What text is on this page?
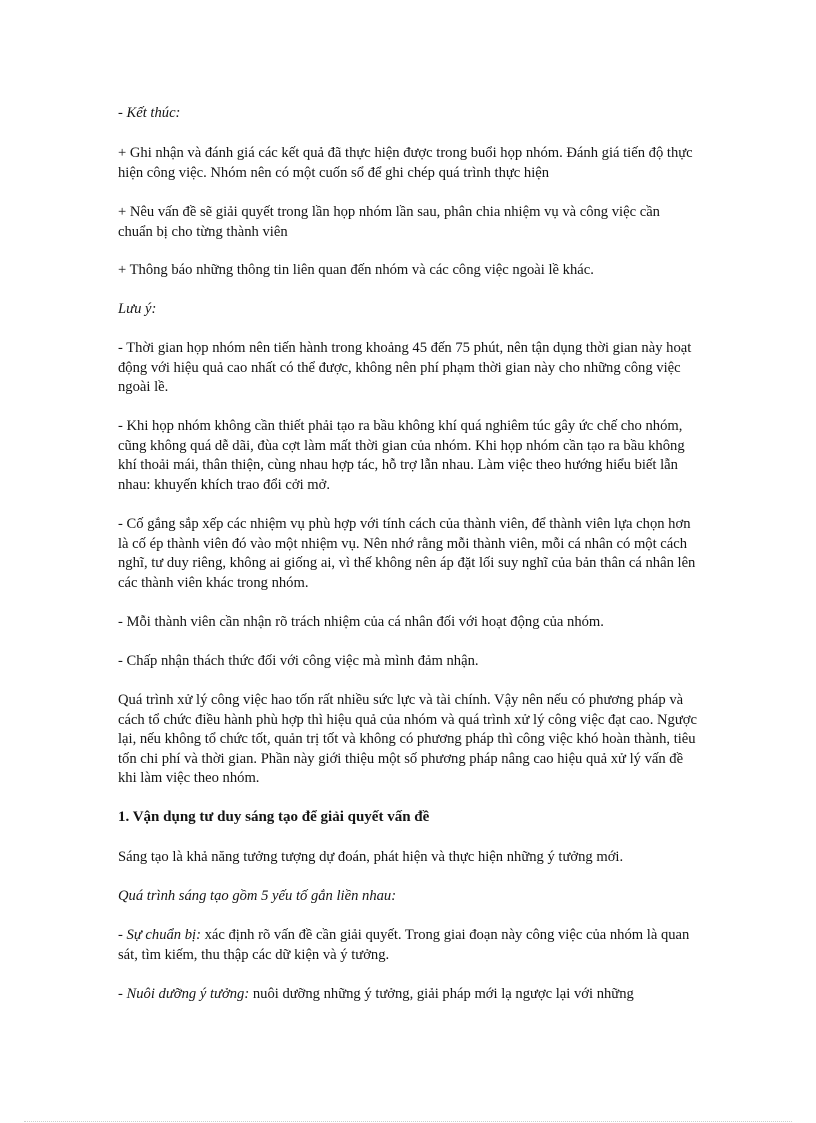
- Kết thúc:

+ Ghi nhận và đánh giá các kết quả đã thực hiện được trong buổi họp nhóm. Đánh giá tiến độ thực hiện công việc. Nhóm nên có một cuốn sổ để ghi chép quá trình thực hiện

+ Nêu vấn đề sẽ giải quyết trong lần họp nhóm lần sau, phân chia nhiệm vụ và công việc cần chuẩn bị cho từng thành viên

+ Thông báo những thông tin liên quan đến nhóm và các công việc ngoài lề khác.

Lưu ý:

- Thời gian họp nhóm nên tiến hành trong khoảng 45 đến 75 phút, nên tận dụng thời gian này hoạt động với hiệu quả cao nhất có thể được, không nên phí phạm thời gian này cho những công việc ngoài lề.

- Khi họp nhóm không cần thiết phải tạo ra bầu không khí quá nghiêm túc gây ức chế cho nhóm, cũng không quá dễ dãi, đùa cợt làm mất thời gian của nhóm. Khi họp nhóm cần tạo ra bầu không khí thoải mái, thân thiện, cùng nhau hợp tác, hỗ trợ lẫn nhau. Làm việc theo hướng hiểu biết lẫn nhau: khuyến khích trao đổi cởi mở.

- Cố gắng sắp xếp các nhiệm vụ phù hợp với tính cách của thành viên, để thành viên lựa chọn hơn là cố ép thành viên đó vào một nhiệm vụ. Nên nhớ rằng mỗi thành viên, mỗi cá nhân có một cách nghĩ, tư duy riêng, không ai giống ai, vì thế không nên áp đặt lối suy nghĩ của bản thân cá nhân lên các thành viên khác trong nhóm.

- Mỗi thành viên cần nhận rõ trách nhiệm của cá nhân đối với hoạt động của nhóm.

- Chấp nhận thách thức đối với công việc mà mình đảm nhận.

Quá trình xử lý công việc hao tốn rất nhiều sức lực và tài chính. Vậy nên nếu có phương pháp và cách tổ chức điều hành phù hợp thì hiệu quả của nhóm và quá trình xử lý công việc đạt cao. Ngược lại, nếu không tổ chức tốt, quản trị tốt và không có phương pháp thì công việc khó hoàn thành, tiêu tốn chi phí và thời gian. Phần này giới thiệu một số phương pháp nâng cao hiệu quả xử lý vấn đề khi làm việc theo nhóm.

1. Vận dụng tư duy sáng tạo để giải quyết vấn đề

Sáng tạo là khả năng tưởng tượng dự đoán, phát hiện và thực hiện những ý tưởng mới.

Quá trình sáng tạo gồm 5 yếu tố gắn liền nhau:

- Sự chuẩn bị: xác định rõ vấn đề cần giải quyết. Trong giai đoạn này công việc của nhóm là quan sát, tìm kiếm, thu thập các dữ kiện và ý tưởng.

- Nuôi dưỡng ý tưởng: nuôi dưỡng những ý tưởng, giải pháp mới lạ ngược lại với những
